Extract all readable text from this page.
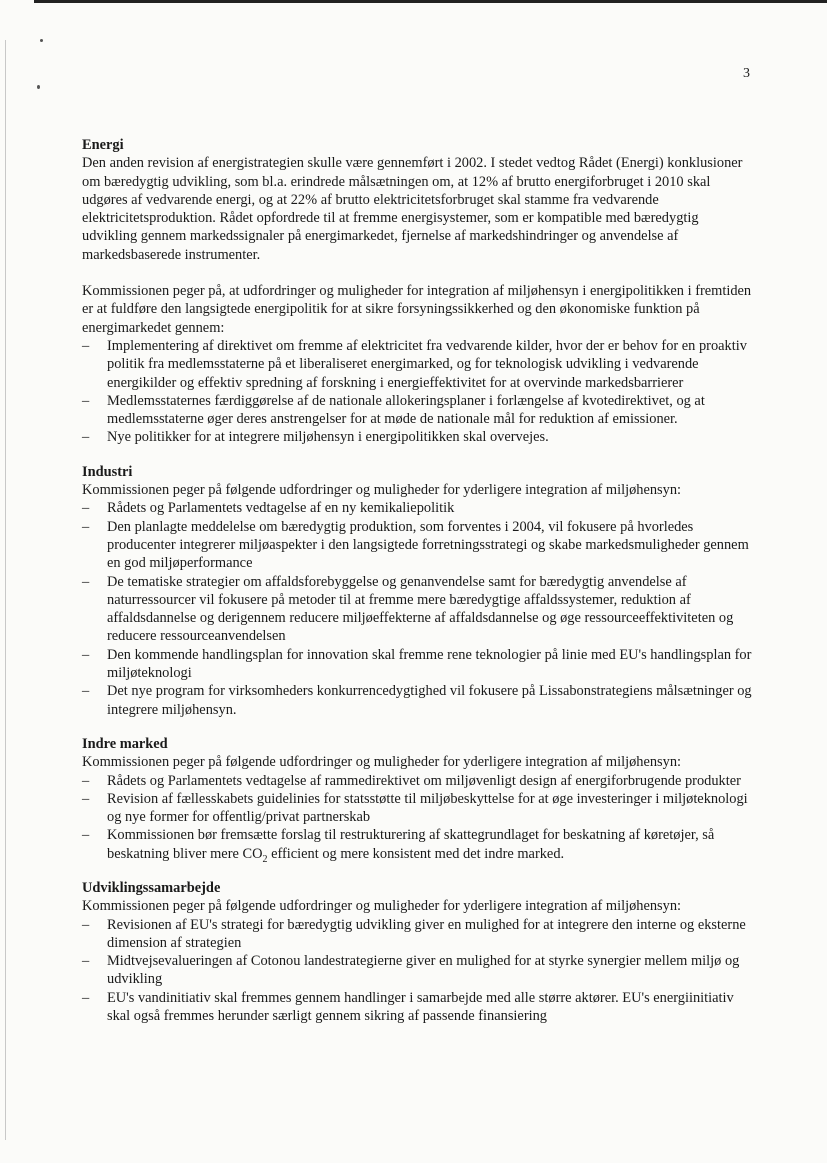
3
Energi

Den anden revision af energistrategien skulle være gennemført i 2002. I stedet vedtog Rådet (Energi) konklusioner om bæredygtig udvikling, som bl.a. erindrede målsætningen om, at 12% af brutto energiforbruget i 2010 skal udgøres af vedvarende energi, og at 22% af brutto elektricitetsforbruget skal stamme fra vedvarende elektricitetsproduktion. Rådet opfordrede til at fremme energisystemer, som er kompatible med bæredygtig udvikling gennem markedssignaler på energimarkedet, fjernelse af markedshindringer og anvendelse af markedsbaserede instrumenter.

Kommissionen peger på, at udfordringer og muligheder for integration af miljøhensyn i energipolitikken i fremtiden er at fuldføre den langsigtede energipolitik for at sikre forsyningssikkerhed og den økonomiske funktion på energimarkedet gennem:

– Implementering af direktivet om fremme af elektricitet fra vedvarende kilder, hvor der er behov for en proaktiv politik fra medlemsstaterne på et liberaliseret energimarked, og for teknologisk udvikling i vedvarende energikilder og effektiv spredning af forskning i energieffektivitet for at overvinde markedsbarrierer
– Medlemsstaternes færdiggørelse af de nationale allokeringsplaner i forlængelse af kvotedirektivet, og at medlemsstaterne øger deres anstrengelser for at møde de nationale mål for reduktion af emissioner.
– Nye politikker for at integrere miljøhensyn i energipolitikken skal overvejes.
Industri

Kommissionen peger på følgende udfordringer og muligheder for yderligere integration af miljøhensyn:

– Rådets og Parlamentets vedtagelse af en ny kemikaliepolitik
– Den planlagte meddelelse om bæredygtig produktion, som forventes i 2004, vil fokusere på hvorledes producenter integrerer miljøaspekter i den langsigtede forretningsstrategi og skabe markedsmuligheder gennem en god miljøperformance
– De tematiske strategier om affaldsforebyggelse og genanvendelse samt for bæredygtig anvendelse af naturressourcer vil fokusere på metoder til at fremme mere bæredygtige affaldssystemer, reduktion af affaldsdannelse og derigennem reducere miljøeffekterne af affaldsdannelse og øge ressourceeffektiviteten og reducere ressourceanvendelsen
– Den kommende handlingsplan for innovation skal fremme rene teknologier på linie med EU's handlingsplan for miljøteknologi
– Det nye program for virksomheders konkurrencedygtighed vil fokusere på Lissabonstrategiens målsætninger og integrere miljøhensyn.
Indre marked

Kommissionen peger på følgende udfordringer og muligheder for yderligere integration af miljøhensyn:

– Rådets og Parlamentets vedtagelse af rammedirektivet om miljøvenligt design af energiforbrugende produkter
– Revision af fællesskabets guidelinies for statsstøtte til miljøbeskyttelse for at øge investeringer i miljøteknologi og nye former for offentlig/privat partnerskab
– Kommissionen bør fremsætte forslag til restrukturering af skattegrundlaget for beskatning af køretøjer, så beskatning bliver mere $CO_2$ efficient og mere konsistent med det indre marked.
Udviklingssamarbejde

Kommissionen peger på følgende udfordringer og muligheder for yderligere integration af miljøhensyn:

– Revisionen af EU's strategi for bæredygtig udvikling giver en mulighed for at integrere den interne og eksterne dimension af strategien
– Midtvejsevalueringen af Cotonou landestrategierne giver en mulighed for at styrke synergier mellem miljø og udvikling
– EU's vandinitiativ skal fremmes gennem handlinger i samarbejde med alle større aktører. EU's energiinitiativ skal også fremmes herunder særligt gennem sikring af passende finansiering
